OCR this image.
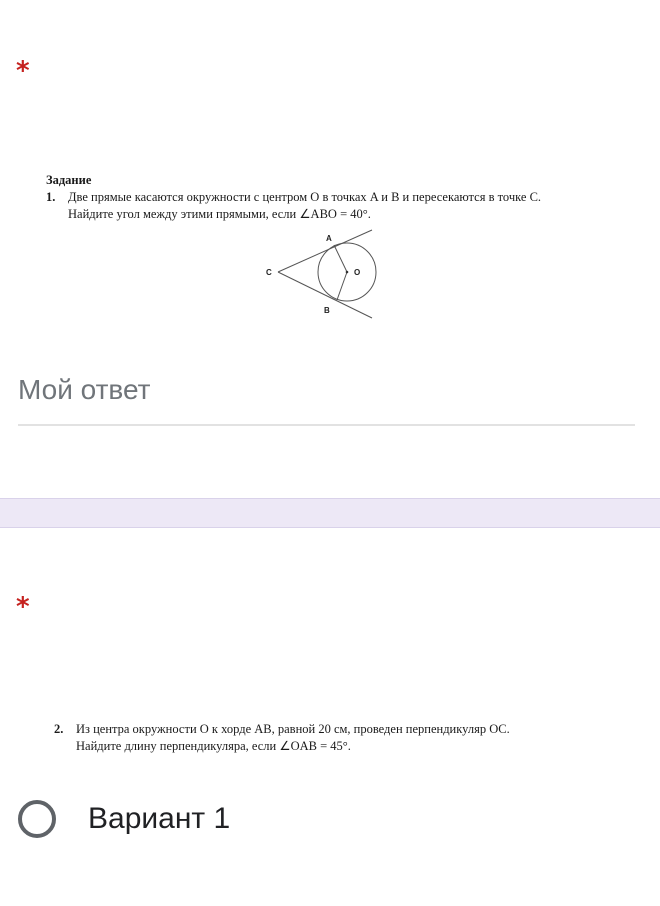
*
Задание
1.	Две прямые касаются окружности с центром O в точках A и B и пересекаются в точке C.
Найдите угол между этими прямыми, если ∠ABO = 40°.
A
B
C	O
Мой ответ
*
2.	Из центра окружности O к хорде AB, равной 20 см, проведен перпендикуляр OC.
Найдите длину перпендикуляра, если ∠OAB = 45°.
Вариант 1
